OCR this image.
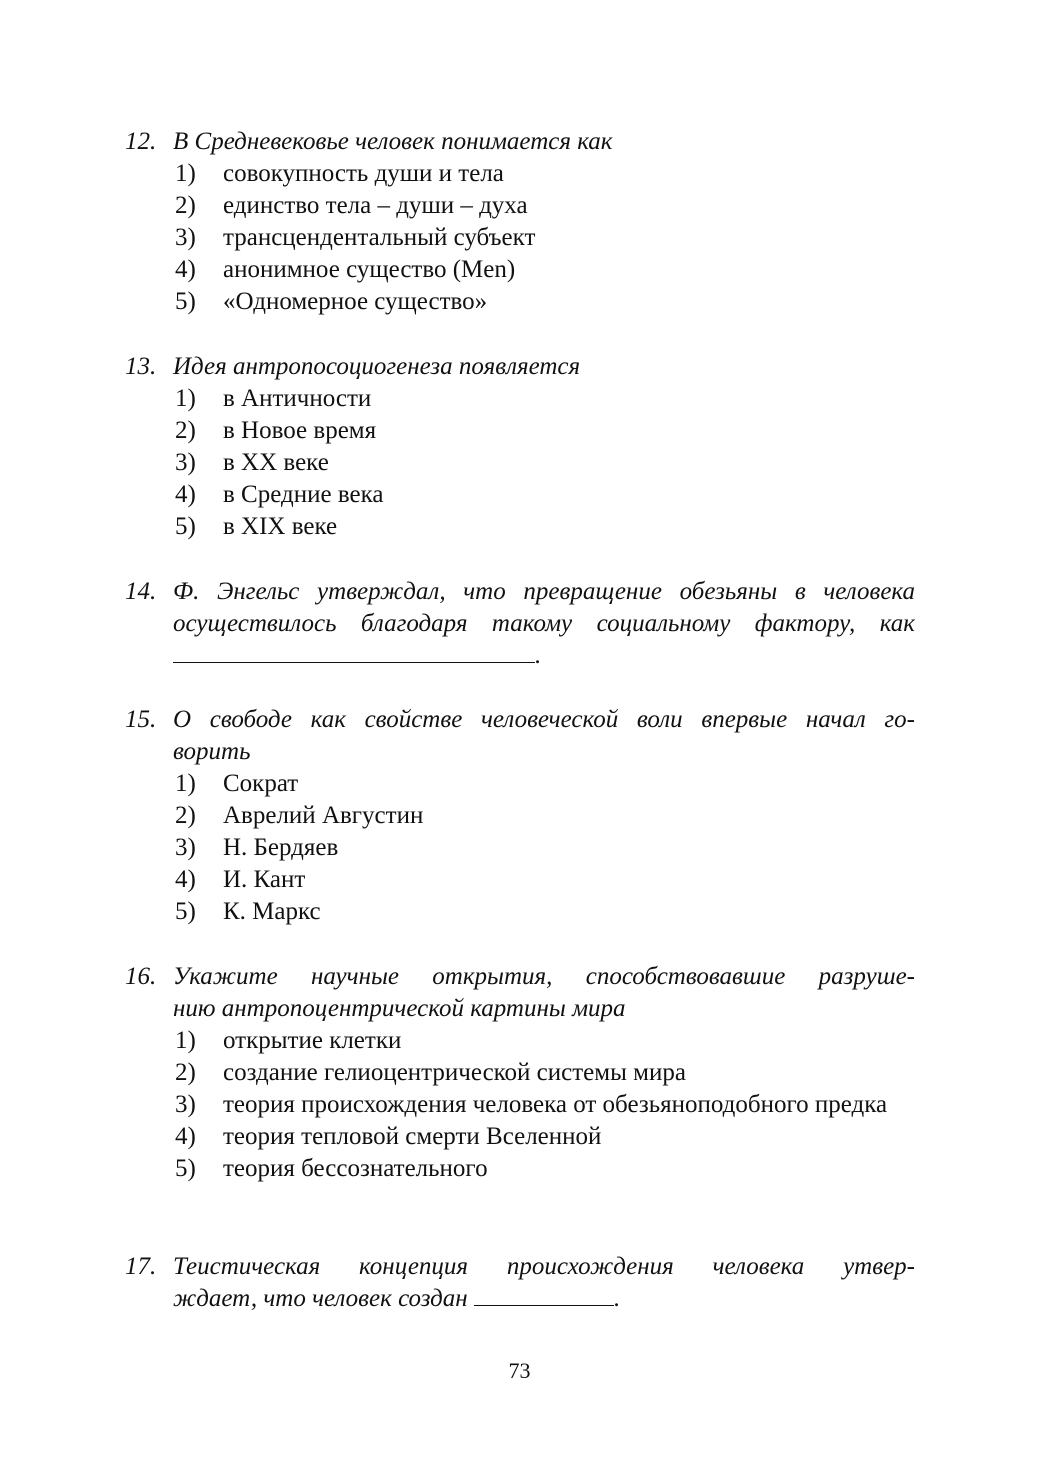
12. В Средневековье человек понимается как
1)	совокупность души и тела
2)	единство тела – души – духа
3)	трансцендентальный субъект
4)	анонимное существо (Men)
5)	«Одномерное существо»
13. Идея антропосоциогенеза появляется
1)	в Античности
2)	в Новое время
3)	в ХХ веке
4)	в Средние века
5)	в XIX веке
14. Ф. Энгельс утверждал, что превращение обезьяны в человека
осуществилось благодаря такому социальному фактору, как
.
15. О свободе как свойстве человеческой воли впервые начал го-
ворить
1)	Сократ
2)	Аврелий Августин
3)	Н. Бердяев
4)	И. Кант
5)	К. Маркс
16. Укажите научные открытия, способствовавшие разруше-
нию антропоцентрической картины мира
1)	открытие клетки
2)	создание гелиоцентрической системы мира
3)	теория происхождения человека от обезьяноподобного предка
4)	теория тепловой смерти Вселенной
5)	теория бессознательного
17. Теистическая концепция происхождения человека утвер-
ждает, что человек создан	.
73
